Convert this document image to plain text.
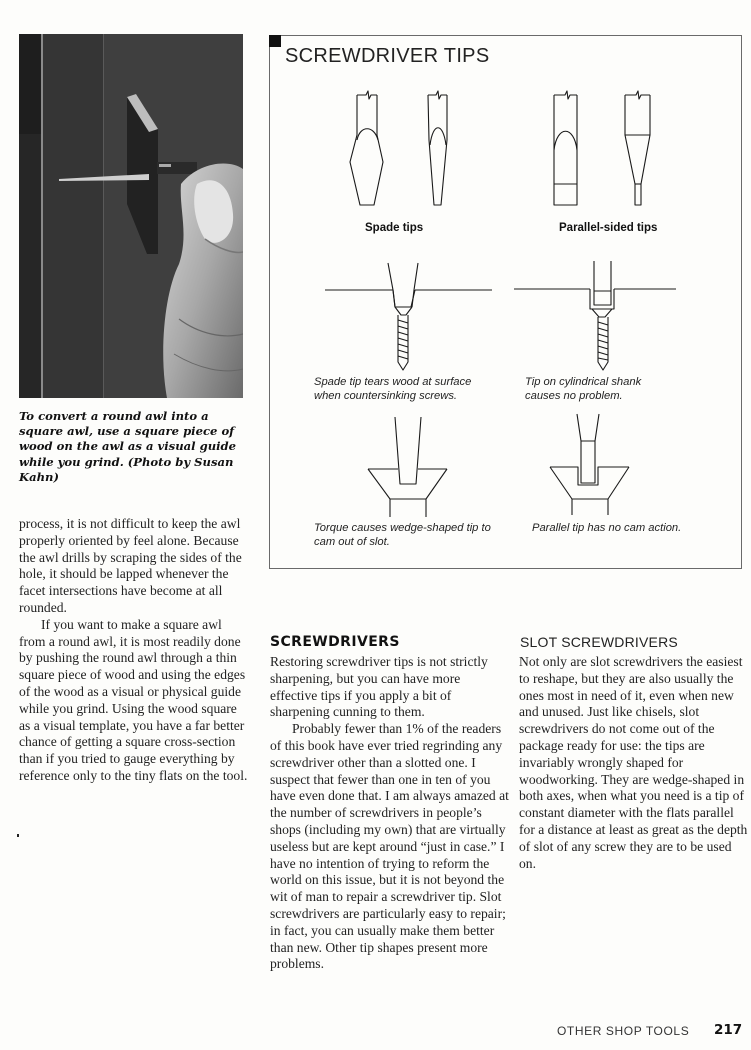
To convert a round awl into a square awl, use a square piece of wood on the awl as a visual guide while you grind. (Photo by Susan Kahn)

process, it is not difficult to keep the awl properly oriented by feel alone. Because the awl drills by scraping the sides of the hole, it should be lapped whenever the facet intersections have become at all rounded.

If you want to make a square awl from a round awl, it is most readily done by pushing the round awl through a thin square piece of wood and using the edges of the wood as a visual or physical guide while you grind. Using the wood square as a visual template, you have a far better chance of getting a square cross-section than if you tried to gauge everything by reference only to the tiny flats on the tool.

SCREWDRIVER TIPS
Spade tips	Parallel-sided tips
Spade tip tears wood at surface when countersinking screws.
Tip on cylindrical shank causes no problem.
Torque causes wedge-shaped tip to cam out of slot.
Parallel tip has no cam action.
SCREWDRIVERS

Restoring screwdriver tips is not strictly sharpening, but you can have more effective tips if you apply a bit of sharpening cunning to them.

Probably fewer than 1% of the readers of this book have ever tried regrinding any screwdriver other than a slotted one. I suspect that fewer than one in ten of you have even done that. I am always amazed at the number of screwdrivers in people’s shops (including my own) that are virtually useless but are kept around “just in case.” I have no intention of trying to reform the world on this issue, but it is not beyond the wit of man to repair a screwdriver tip. Slot screwdrivers are particularly easy to repair; in fact, you can usually make them better than new. Other tip shapes present more problems.

SLOT SCREWDRIVERS

Not only are slot screwdrivers the easiest to reshape, but they are also usually the ones most in need of it, even when new and unused. Just like chisels, slot screwdrivers do not come out of the package ready for use: the tips are invariably wrongly shaped for woodworking. They are wedge-shaped in both axes, when what you need is a tip of constant diameter with the flats parallel for a distance at least as great as the depth of slot of any screw they are to be used on.

OTHER SHOP TOOLS 217
